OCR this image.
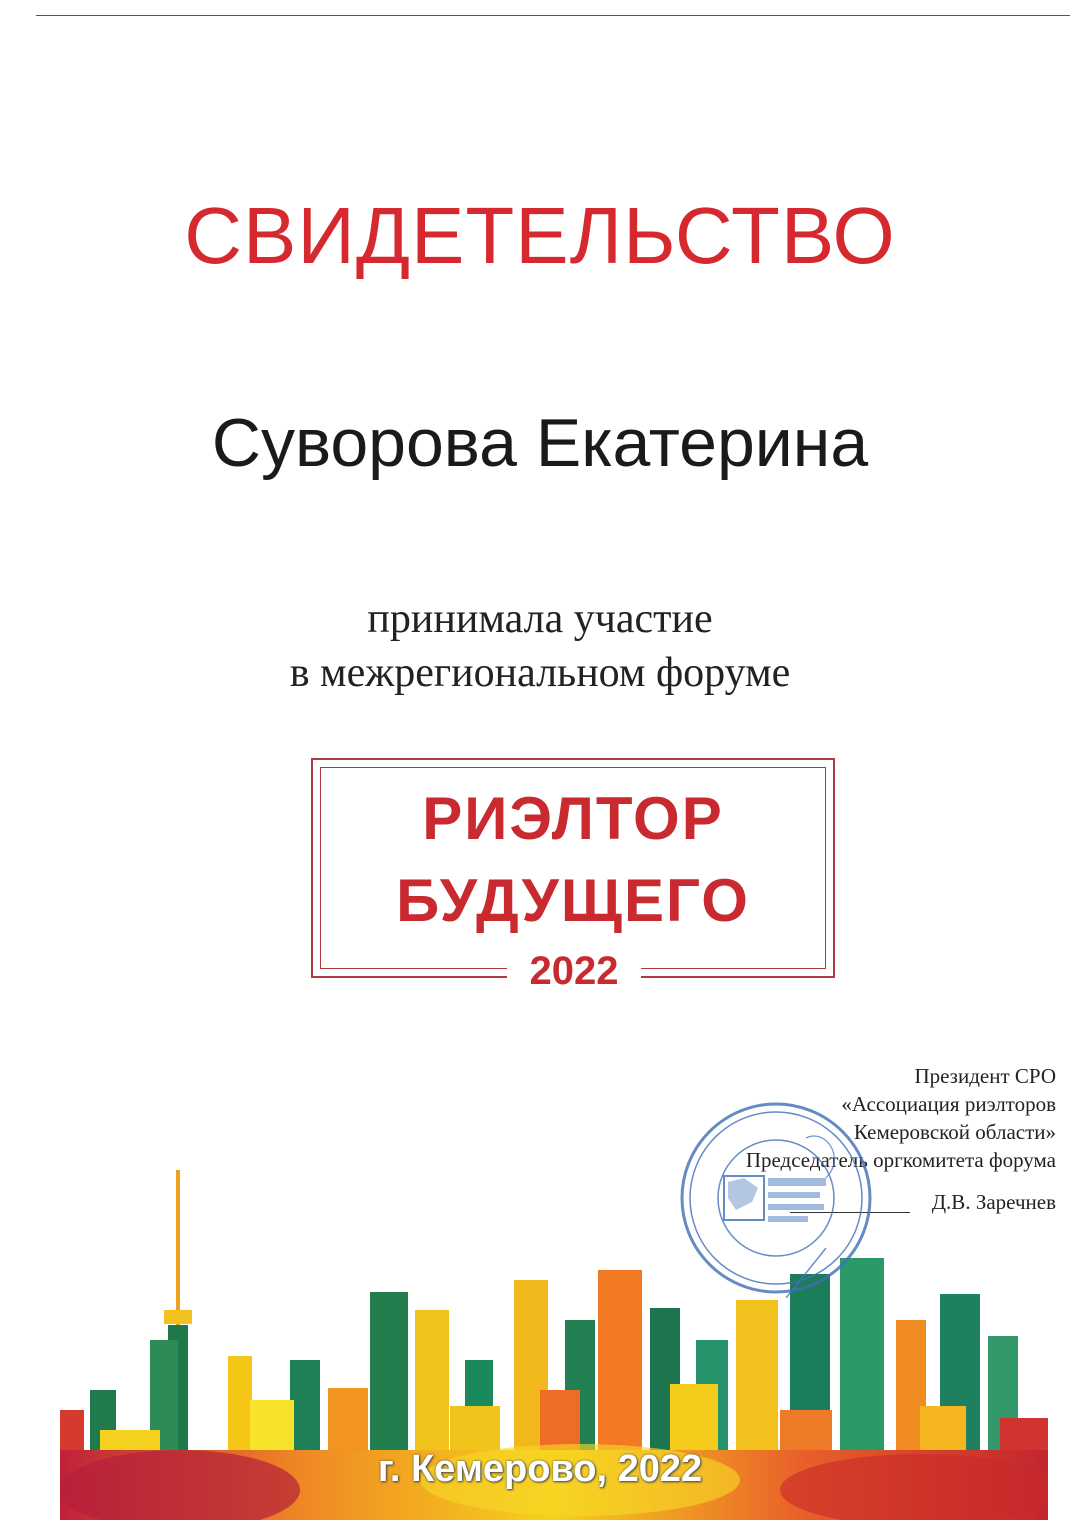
СВИДЕТЕЛЬСТВО
Суворова Екатерина
принимала участие
в межрегиональном форуме
РИЭЛТОР
БУДУЩЕГО
2022
г. Кемерово, 2022
Президент СРО
«Ассоциация риэлторов
Кемеровской области»
Председатель оргкомитета форума
Д.В. Заречнев
